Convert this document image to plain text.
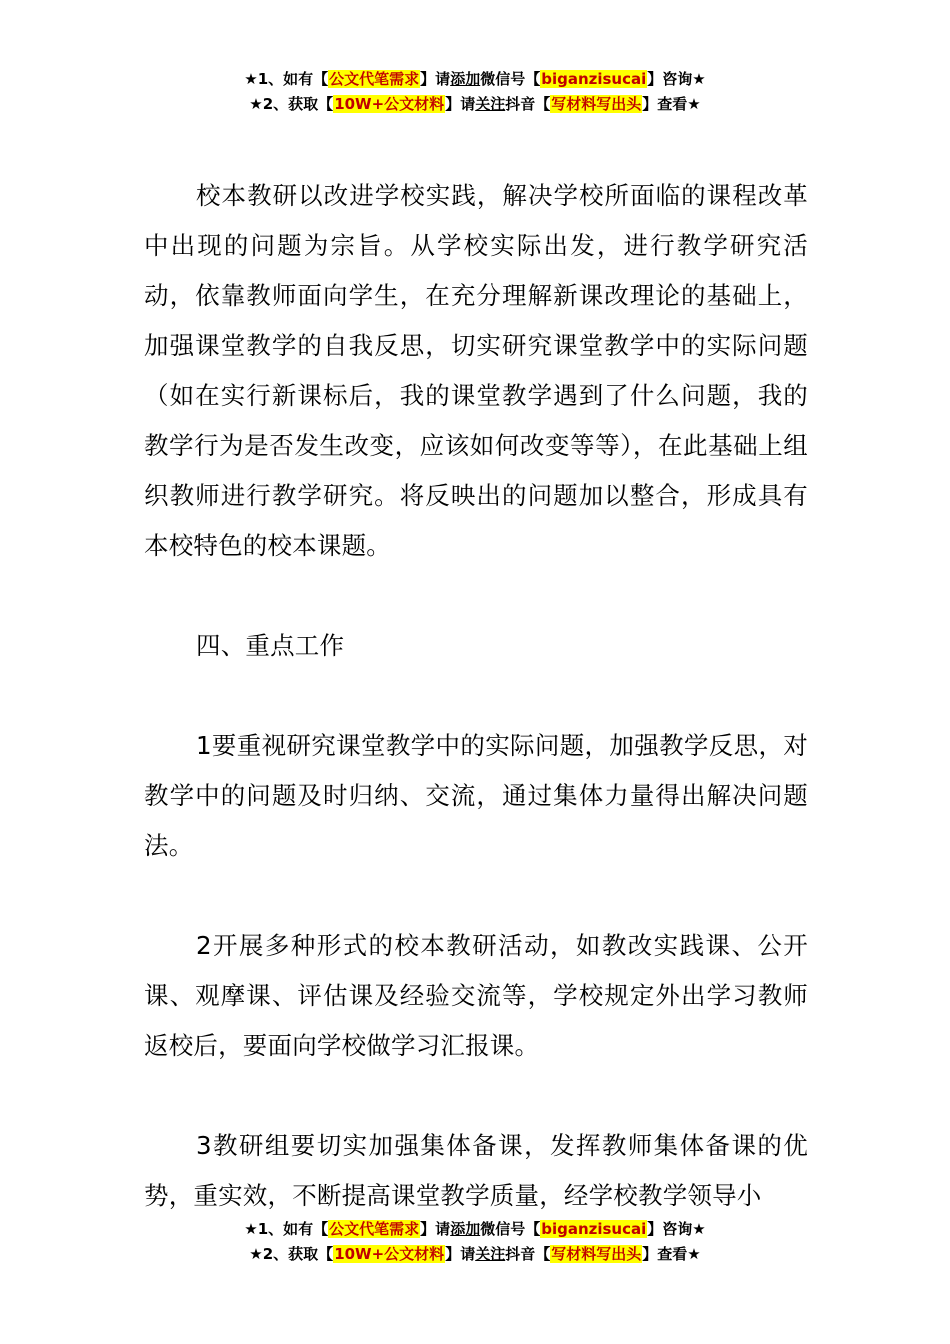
★1、如有【公文代笔需求】请添加微信号【biganzisucai】咨询★
★2、获取【10W+公文材料】请关注抖音【写材料写出头】查看★

校本教研以改进学校实践，解决学校所面临的课程改革中出现的问题为宗旨。从学校实际出发，进行教学研究活动，依靠教师面向学生，在充分理解新课改理论的基础上，加强课堂教学的自我反思，切实研究课堂教学中的实际问题（如在实行新课标后，我的课堂教学遇到了什么问题，我的教学行为是否发生改变，应该如何改变等等），在此基础上组织教师进行教学研究。将反映出的问题加以整合，形成具有本校特色的校本课题。

四、重点工作

1要重视研究课堂教学中的实际问题，加强教学反思，对教学中的问题及时归纳、交流，通过集体力量得出解决问题法。

2开展多种形式的校本教研活动，如教改实践课、公开课、观摩课、评估课及经验交流等，学校规定外出学习教师返校后，要面向学校做学习汇报课。

3教研组要切实加强集体备课，发挥教师集体备课的优势，重实效，不断提高课堂教学质量，经学校教学领导小

★1、如有【公文代笔需求】请添加微信号【biganzisucai】咨询★
★2、获取【10W+公文材料】请关注抖音【写材料写出头】查看★
